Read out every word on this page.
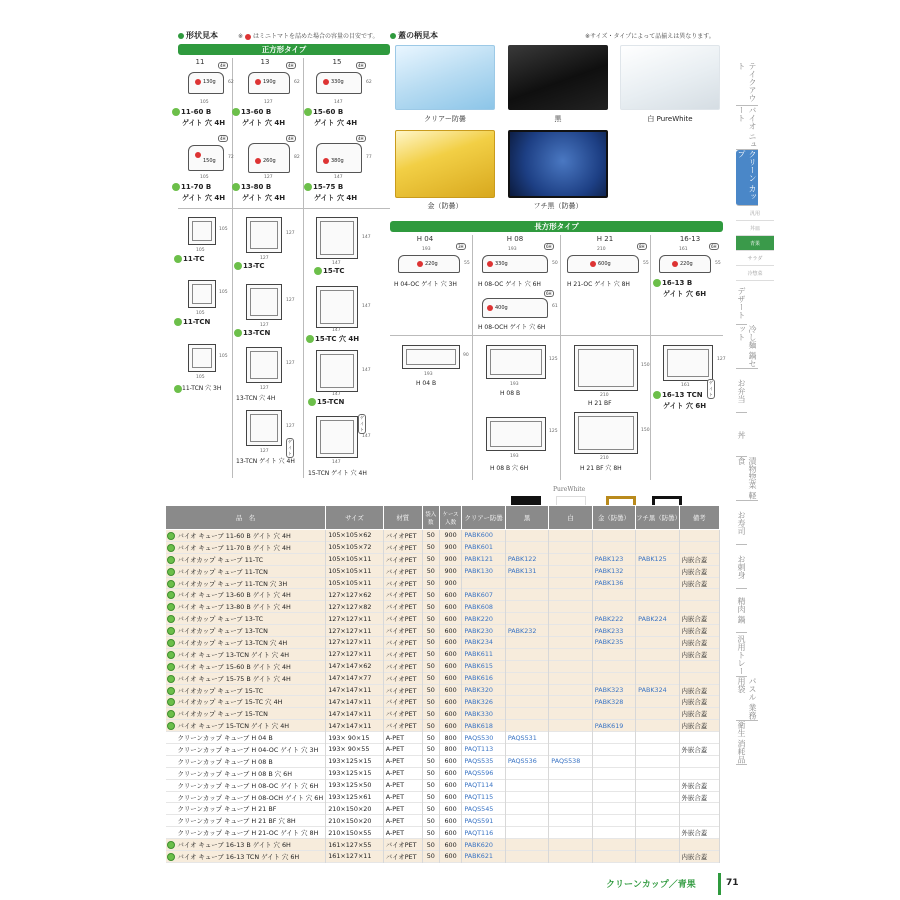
形状見本	※ はミニトマトを詰めた場合の容量の目安です。
正方形タイプ
蓋の柄見本	※サイズ・タイプによって品揃えは異なります。
11	13	15
130g
4H
105
62
11-60 B
ゲイト 穴 4H
190g
4H
127
62
13-60 B
ゲイト 穴 4H
330g
4H
147
62
15-60 B
ゲイト 穴 4H
150g
4H
105
72
11-70 B
ゲイト 穴 4H
260g
4H
127
82
13-80 B
ゲイト 穴 4H
380g
4H
147
77
15-75 B
ゲイト 穴 4H
105
105
11-TC
105
105
11-TCN
105
105
11-TCN 穴 3H
127
127
13-TC
127
127
13-TCN
127
127
13-TCN 穴 4H
ゲイト
127
127
13-TCN ゲイト 穴 4H
147
147
15-TC
147
147
15-TC 穴 4H
147
147
15-TCN
ゲイト
147
147
15-TCN ゲイト 穴 4H
クリアー防曇	黒	白 PureWhite
金（防曇）	フチ黒（防曇）
長方形タイプ
H 04	H 08	H 21	16-13
220g
3H
193
55
H 04-OC ゲイト 穴 3H
330g
6H
193
50
H 08-OC ゲイト 穴 6H
400g
6H
61
H 08-OCH ゲイト 穴 6H
600g
8H
210
55
H 21-OC ゲイト 穴 8H
220g
6H
161
55
16-13 B
ゲイト 穴 6H
193
90
H 04 B	193
125
H 08 B	210
150
H 21 BF
ゲイト
161
127
16-13 TCN
ゲイト 穴 6H
193
125
H 08 B 穴 6H
210
150
H 21 BF 穴 8H
PureWhite
品　名	サイズ	材質	袋入数	ケース入数	クリアー防曇	黒	白	金（防曇）	フチ黒（防曇）	備考

バイオ キューブ 11-60 B ゲイト 穴 4H	105×105×62	バイオPET	50	900	PABK600					

バイオ キューブ 11-70 B ゲイト 穴 4H	105×105×72	バイオPET	50	900	PABK601					

バイオカップ キューブ 11-TC	105×105×11	バイオPET	50	900	PABK121	PABK122		PABK123	PABK125	内嵌合蓋

バイオカップ キューブ 11-TCN	105×105×11	バイオPET	50	900	PABK130	PABK131		PABK132		内嵌合蓋

バイオカップ キューブ 11-TCN 穴 3H	105×105×11	バイオPET	50	900				PABK136		内嵌合蓋

バイオ キューブ 13-60 B ゲイト 穴 4H	127×127×62	バイオPET	50	600	PABK607					

バイオ キューブ 13-80 B ゲイト 穴 4H	127×127×82	バイオPET	50	600	PABK608					

バイオカップ キューブ 13-TC	127×127×11	バイオPET	50	600	PABK220			PABK222	PABK224	内嵌合蓋

バイオカップ キューブ 13-TCN	127×127×11	バイオPET	50	600	PABK230	PABK232		PABK233		内嵌合蓋

バイオカップ キューブ 13-TCN 穴 4H	127×127×11	バイオPET	50	600	PABK234			PABK235		内嵌合蓋

バイオ キューブ 13-TCN ゲイト 穴 4H	127×127×11	バイオPET	50	600	PABK611					内嵌合蓋

バイオ キューブ 15-60 B ゲイト 穴 4H	147×147×62	バイオPET	50	600	PABK615					

バイオ キューブ 15-75 B ゲイト 穴 4H	147×147×77	バイオPET	50	600	PABK616					

バイオカップ キューブ 15-TC	147×147×11	バイオPET	50	600	PABK320			PABK323	PABK324	内嵌合蓋

バイオカップ キューブ 15-TC 穴 4H	147×147×11	バイオPET	50	600	PABK326			PABK328		内嵌合蓋

バイオカップ キューブ 15-TCN	147×147×11	バイオPET	50	600	PABK330					内嵌合蓋

バイオ キューブ 15-TCN ゲイト 穴 4H	147×147×11	バイオPET	50	600	PABK618			PABK619		内嵌合蓋
クリーンカップ キューブ H 04 B	193× 90×15	A-PET	50	800	PAQS530	PAQS531				
クリーンカップ キューブ H 04-OC ゲイト 穴 3H	193× 90×55	A-PET	50	800	PAQT113					外嵌合蓋
クリーンカップ キューブ H 08 B	193×125×15	A-PET	50	600	PAQS535	PAQS536	PAQS538			
クリーンカップ キューブ H 08 B 穴 6H	193×125×15	A-PET	50	600	PAQS596					
クリーンカップ キューブ H 08-OC ゲイト 穴 6H	193×125×50	A-PET	50	600	PAQT114					外嵌合蓋
クリーンカップ キューブ H 08-OCH ゲイト 穴 6H	193×125×61	A-PET	50	600	PAQT115					外嵌合蓋
クリーンカップ キューブ H 21 BF	210×150×20	A-PET	50	600	PAQS545					
クリーンカップ キューブ H 21 BF 穴 8H	210×150×20	A-PET	50	600	PAQS591					
クリーンカップ キューブ H 21-OC ゲイト 穴 8H	210×150×55	A-PET	50	600	PAQT116					外嵌合蓋

バイオ キューブ 16-13 B ゲイト 穴 6H	161×127×55	バイオPET	50	600	PABK620					

バイオ キューブ 16-13 TCN ゲイト 穴 6H	161×127×11	バイオPET	50	600	PABK621					内嵌合蓋
テイクアウト
バイオ ニュート
クリーン カップ
汎用
丼皿
青果
サラダ
冷惣菜
デザート
冷し麺 鍋セット
お弁当
丼
漬物惣菜 軽食
お寿司
お刺身
精肉 鍋
汎用トレー
パスル 業務用袋
衛生 消耗品
クリーンカップ／青果	71
